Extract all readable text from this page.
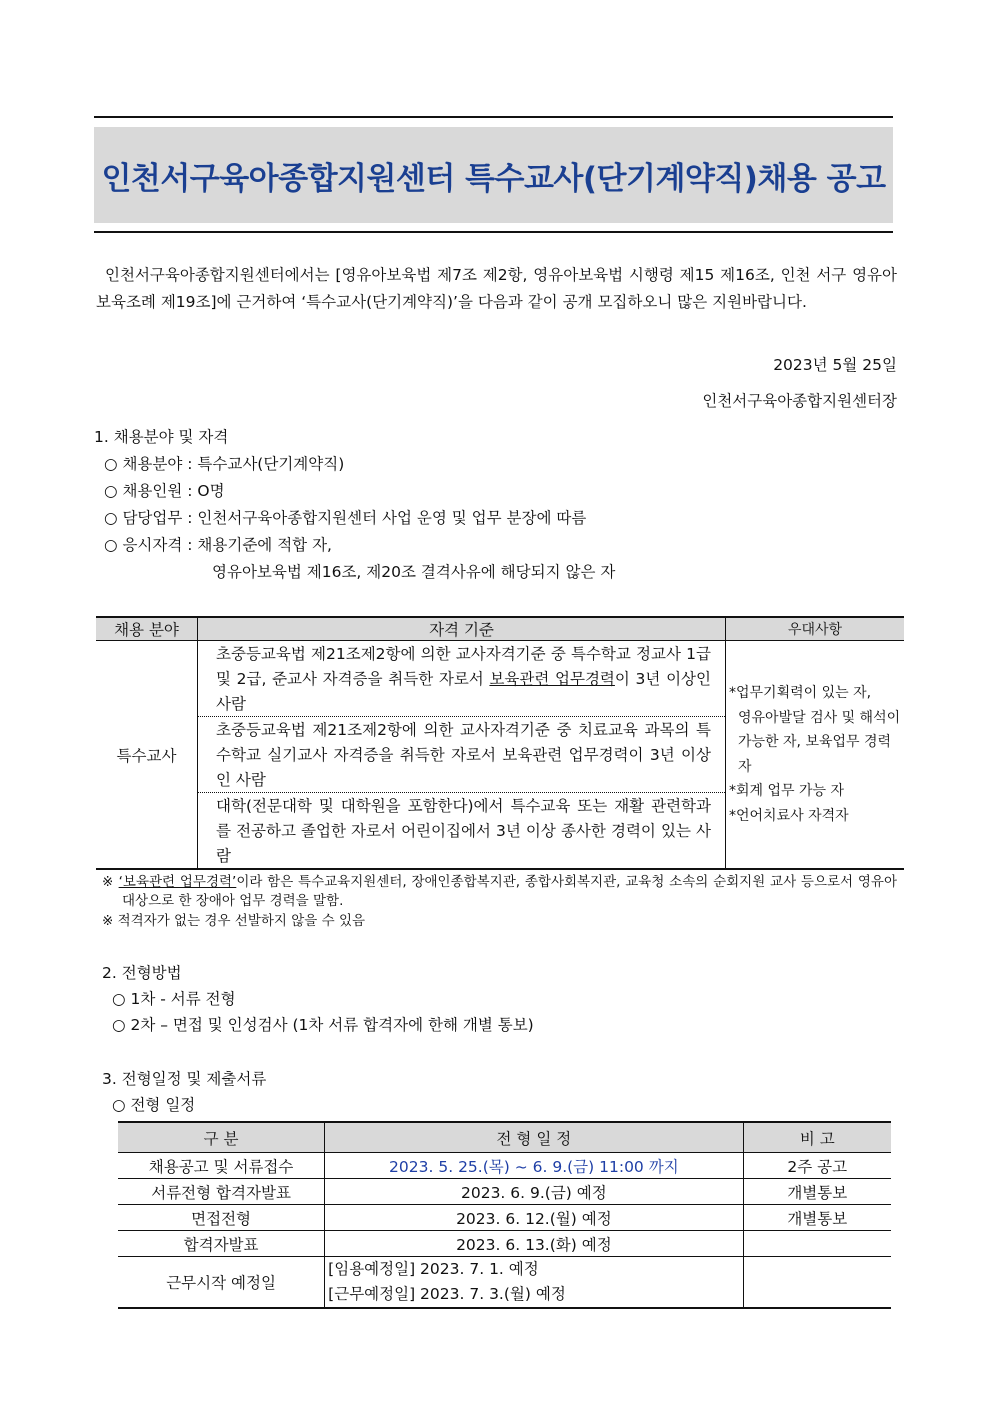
인천서구육아종합지원센터 특수교사(단기계약직)채용 공고
인천서구육아종합지원센터에서는 [영유아보육법 제7조 제2항, 영유아보육법 시행령 제15 제16조, 인천 서구 영유아 보육조례 제19조]에 근거하여 ‘특수교사(단기계약직)’을 다음과 같이 공개 모집하오니 많은 지원바랍니다.
2023년 5월 25일
인천서구육아종합지원센터장
1. 채용분야 및 자격
○ 채용분야 : 특수교사(단기계약직)
○ 채용인원 : O명
○ 담당업무 : 인천서구육아종합지원센터 사업 운영 및 업무 분장에 따름
○ 응시자격 : 채용기준에 적합 자,
영유아보육법 제16조, 제20조 결격사유에 해당되지 않은 자
채용 분야	자격 기준	우대사항
특수교사	초중등교육법 제21조제2항에 의한 교사자격기준 중 특수학교 정교사 1급 및 2급, 준교사 자격증을 취득한 자로서 보육관련 업무경력이 3년 이상인 사람	*업무기획력이 있는 자,
영유아발달 검사 및 해석이
가능한 자, 보육업무 경력자
*회계 업무 가능 자
*언어치료사 자격자

	초중등교육법 제21조제2항에 의한 교사자격기준 중 치료교육 과목의 특수학교 실기교사 자격증을 취득한 자로서 보육관련 업무경력이 3년 이상인 사람	

	대학(전문대학 및 대학원을 포함한다)에서 특수교육 또는 재활 관련학과를 전공하고 졸업한 자로서 어린이집에서 3년 이상 종사한 경력이 있는 사람	
※ ‘보육관련 업무경력’이라 함은 특수교육지원센터, 장애인종합복지관, 종합사회복지관, 교육청 소속의 순회지원 교사 등으로서 영유아 대상으로 한 장애아 업무 경력을 말함.
※ 적격자가 없는 경우 선발하지 않을 수 있음
2. 전형방법
○ 1차 - 서류 전형
○ 2차 – 면접 및 인성검사 (1차 서류 합격자에 한해 개별 통보)
3. 전형일정 및 제출서류
○ 전형 일정
구 분	전 형 일 정	비 고
채용공고 및 서류접수	2023. 5. 25.(목) ~ 6. 9.(금) 11:00 까지	2주 공고
서류전형 합격자발표	2023. 6. 9.(금) 예정	개별통보
면접전형	2023. 6. 12.(월) 예정	개별통보
합격자발표	2023. 6. 13.(화) 예정	
근무시작 예정일	[임용예정일] 2023. 7. 1. 예정
[근무예정일] 2023. 7. 3.(월) 예정	
